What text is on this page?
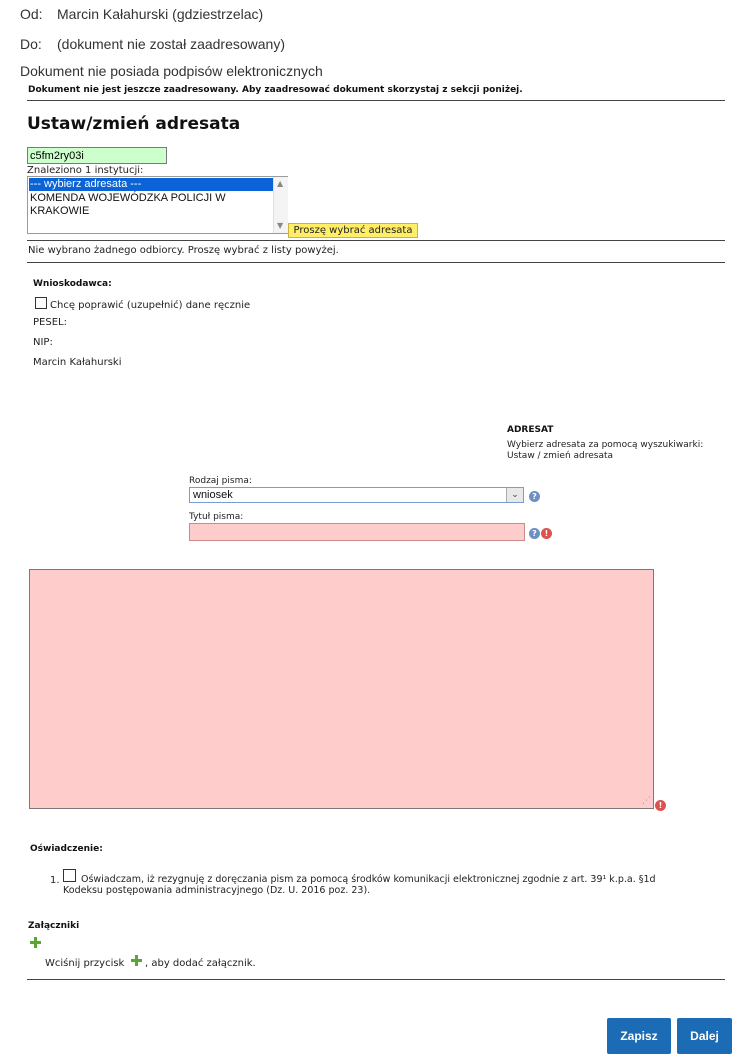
Od: Marcin Kałahurski (gdziestrzelac)
Do: (dokument nie został zaadresowany)
Dokument nie posiada podpisów elektronicznych
Dokument nie jest jeszcze zaadresowany. Aby zaadresować dokument skorzystaj z sekcji poniżej.
Ustaw/zmień adresata
c5fm2ry03i
Znaleziono 1 instytucji:
--- wybierz adresata ---
KOMENDA WOJEWÓDZKA POLICJI W KRAKOWIE
▲
▼	Proszę wybrać adresata
Nie wybrano żadnego odbiorcy. Proszę wybrać z listy powyżej.
Wnioskodawca:
Chcę poprawić (uzupełnić) dane ręcznie
PESEL:
NIP:
Marcin Kałahurski
ADRESAT
Wybierz adresata za pomocą wyszukiwarki:
Ustaw / zmień adresata
Rodzaj pisma:
wniosek	⌄	?
Tytuł pisma:
? !
⋰ !
Oświadczenie:
1. Oświadczam, iż rezygnuję z doręczania pism za pomocą środków komunikacji elektronicznej zgodnie z art. 39¹ k.p.a. §1d
Kodeksu postępowania administracyjnego (Dz. U. 2016 poz. 23).
Załączniki
Wciśnij przycisk , aby dodać załącznik.
Zapisz	Dalej
